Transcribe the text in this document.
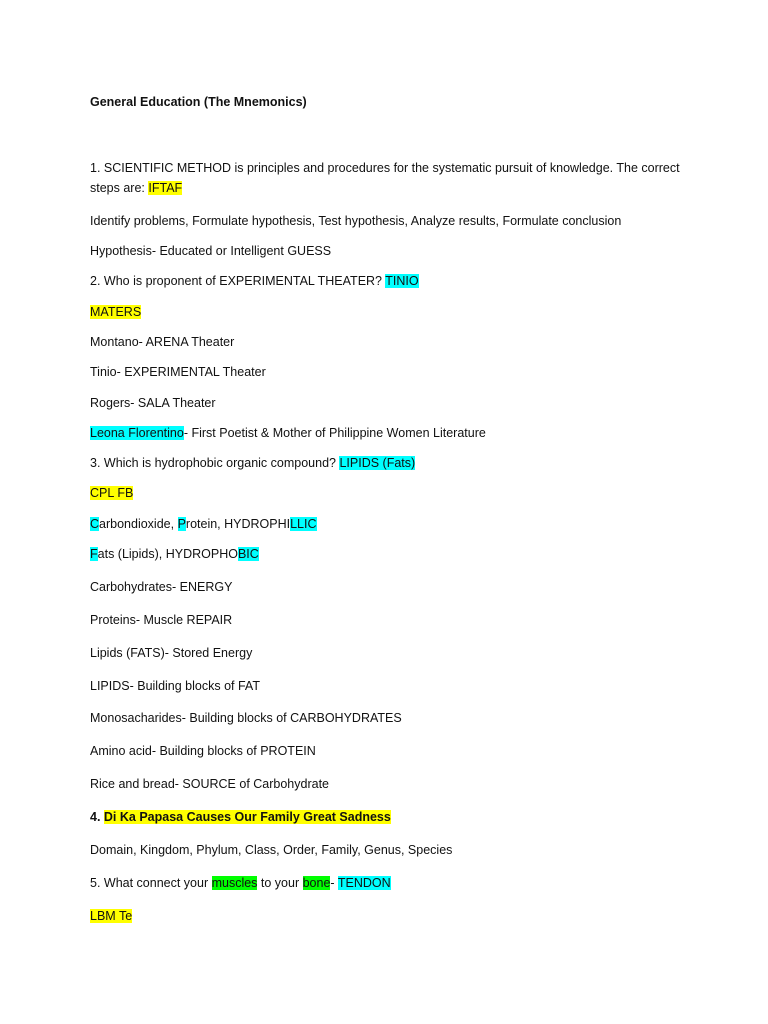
General Education (The Mnemonics)
1. SCIENTIFIC METHOD is principles and procedures for the systematic pursuit of knowledge. The correct steps are: IFTAF
Identify problems, Formulate hypothesis, Test hypothesis, Analyze results, Formulate conclusion
Hypothesis- Educated or Intelligent GUESS
2. Who is proponent of EXPERIMENTAL THEATER? TINIO
MATERS
Montano- ARENA Theater
Tinio- EXPERIMENTAL Theater
Rogers- SALA Theater
Leona Florentino- First Poetist & Mother of Philippine Women Literature
3. Which is hydrophobic organic compound? LIPIDS (Fats)
CPL FB
Carbondioxide, Protein, HYDROPHILLIC
Fats (Lipids), HYDROPHOBIC
Carbohydrates- ENERGY
Proteins- Muscle REPAIR
Lipids (FATS)- Stored Energy
LIPIDS- Building blocks of FAT
Monosacharides- Building blocks of CARBOHYDRATES
Amino acid- Building blocks of PROTEIN
Rice and bread- SOURCE of Carbohydrate
4. Di Ka Papasa Causes Our Family Great Sadness
Domain, Kingdom, Phylum, Class, Order, Family, Genus, Species
5. What connect your muscles to your bone- TENDON
LBM Te
